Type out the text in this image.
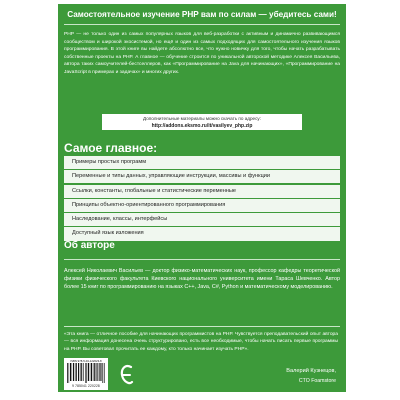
Самостоятельное изучение PHP вам по силам — убедитесь сами!
PHP — не только один из самых популярных языков для веб-разработки с активным и динамично развивающимся сообществом и широкой экосистемой, но ещё и один из самых подходящих для самостоятельного изучения языков программирования. В этой книге вы найдете абсолютно все, что нужно новичку для того, чтобы начать разрабатывать собственные проекты на PHP. А главное — обучение строится по уникальной авторской методике Алексея Васильева, автора таких самоучителей-бестселлеров, как «Программирование на Java для начинающих», «Программирование на JavaScript в примерах и задачах» и многих других.
Дополнительные материалы можно скачать по адресу:
http://addons.eksmo.ru/it/vasilyev_php.zip
Самое главное:
Примеры простых программ
Переменные и типы данных, управляющие инструкции, массивы и функции
Ссылки, константы, глобальные и статистические переменные
Принципы объектно-ориентированного программирования
Наследование, классы, интерфейсы
Доступный язык изложения
Об авторе
Алексей Николаевич Васильев — доктор физико-математических наук, профессор кафедры теоретической физики физического факультета Киевского национального университета имени Тараса Шевченко. Автор более 15 книг по программированию на языках C++, Java, C#, Python и математическому моделированию.
«Эта книга — отличное пособие для начинающих программистов на PHP. Чувствуется преподавательский опыт автора — вся информация донесена очень структурировано, есть все необходимые, чтобы начать писать первые программы на PHP. Вы советовал прочитать ее каждому, кто только начинает изучать PHP».
ISBN 978-5-04-122023-8
9 785041 220228
Валерий Кузнецов,
CTO Foamstore
